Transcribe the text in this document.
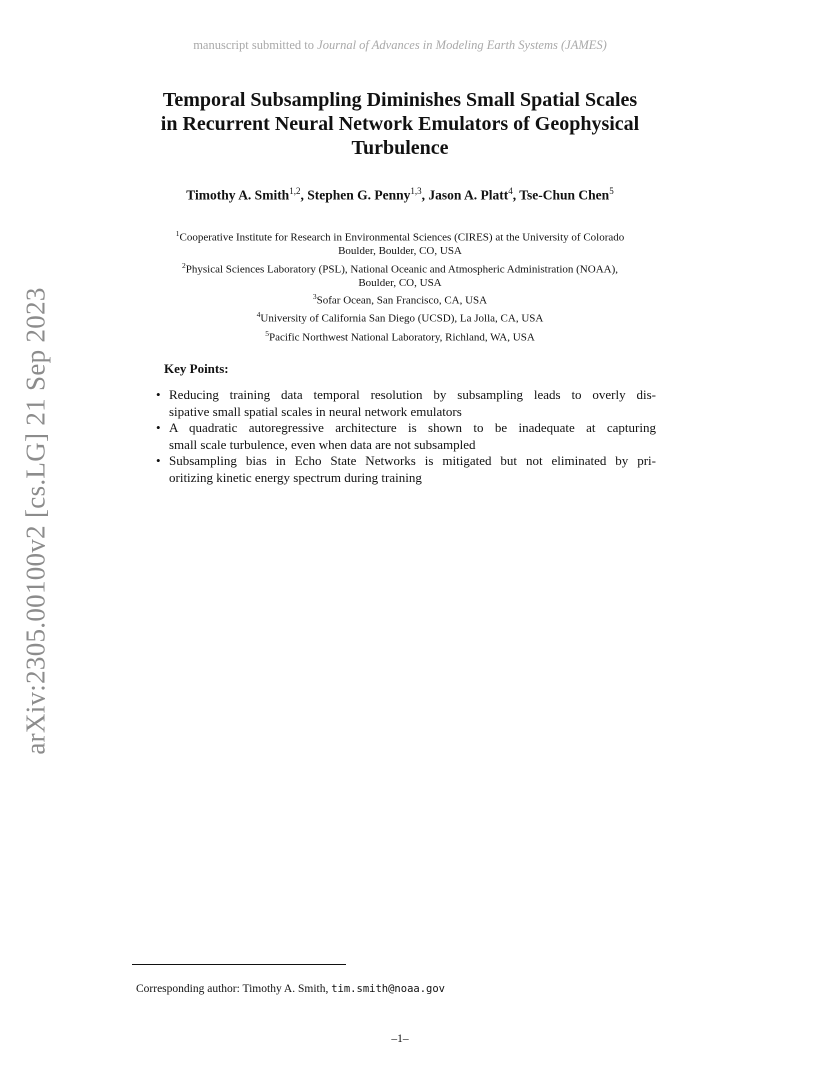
manuscript submitted to Journal of Advances in Modeling Earth Systems (JAMES)
arXiv:2305.00100v2 [cs.LG] 21 Sep 2023
Temporal Subsampling Diminishes Small Spatial Scales
in Recurrent Neural Network Emulators of Geophysical
Turbulence
Timothy A. Smith$^{1,2}$, Stephen G. Penny$^{1,3}$, Jason A. Platt$^4$, Tse-Chun Chen$^5$
$^1$Cooperative Institute for Research in Environmental Sciences (CIRES) at the University of Colorado
Boulder, Boulder, CO, USA
$^2$Physical Sciences Laboratory (PSL), National Oceanic and Atmospheric Administration (NOAA),
Boulder, CO, USA
$^3$Sofar Ocean, San Francisco, CA, USA
$^4$University of California San Diego (UCSD), La Jolla, CA, USA
$^5$Pacific Northwest National Laboratory, Richland, WA, USA
Key Points:
• Reducing training data temporal resolution by subsampling leads to overly dis-
sipative small spatial scales in neural network emulators
• A quadratic autoregressive architecture is shown to be inadequate at capturing
small scale turbulence, even when data are not subsampled
• Subsampling bias in Echo State Networks is mitigated but not eliminated by pri-
oritizing kinetic energy spectrum during training
Corresponding author: Timothy A. Smith, tim.smith@noaa.gov
–1–
